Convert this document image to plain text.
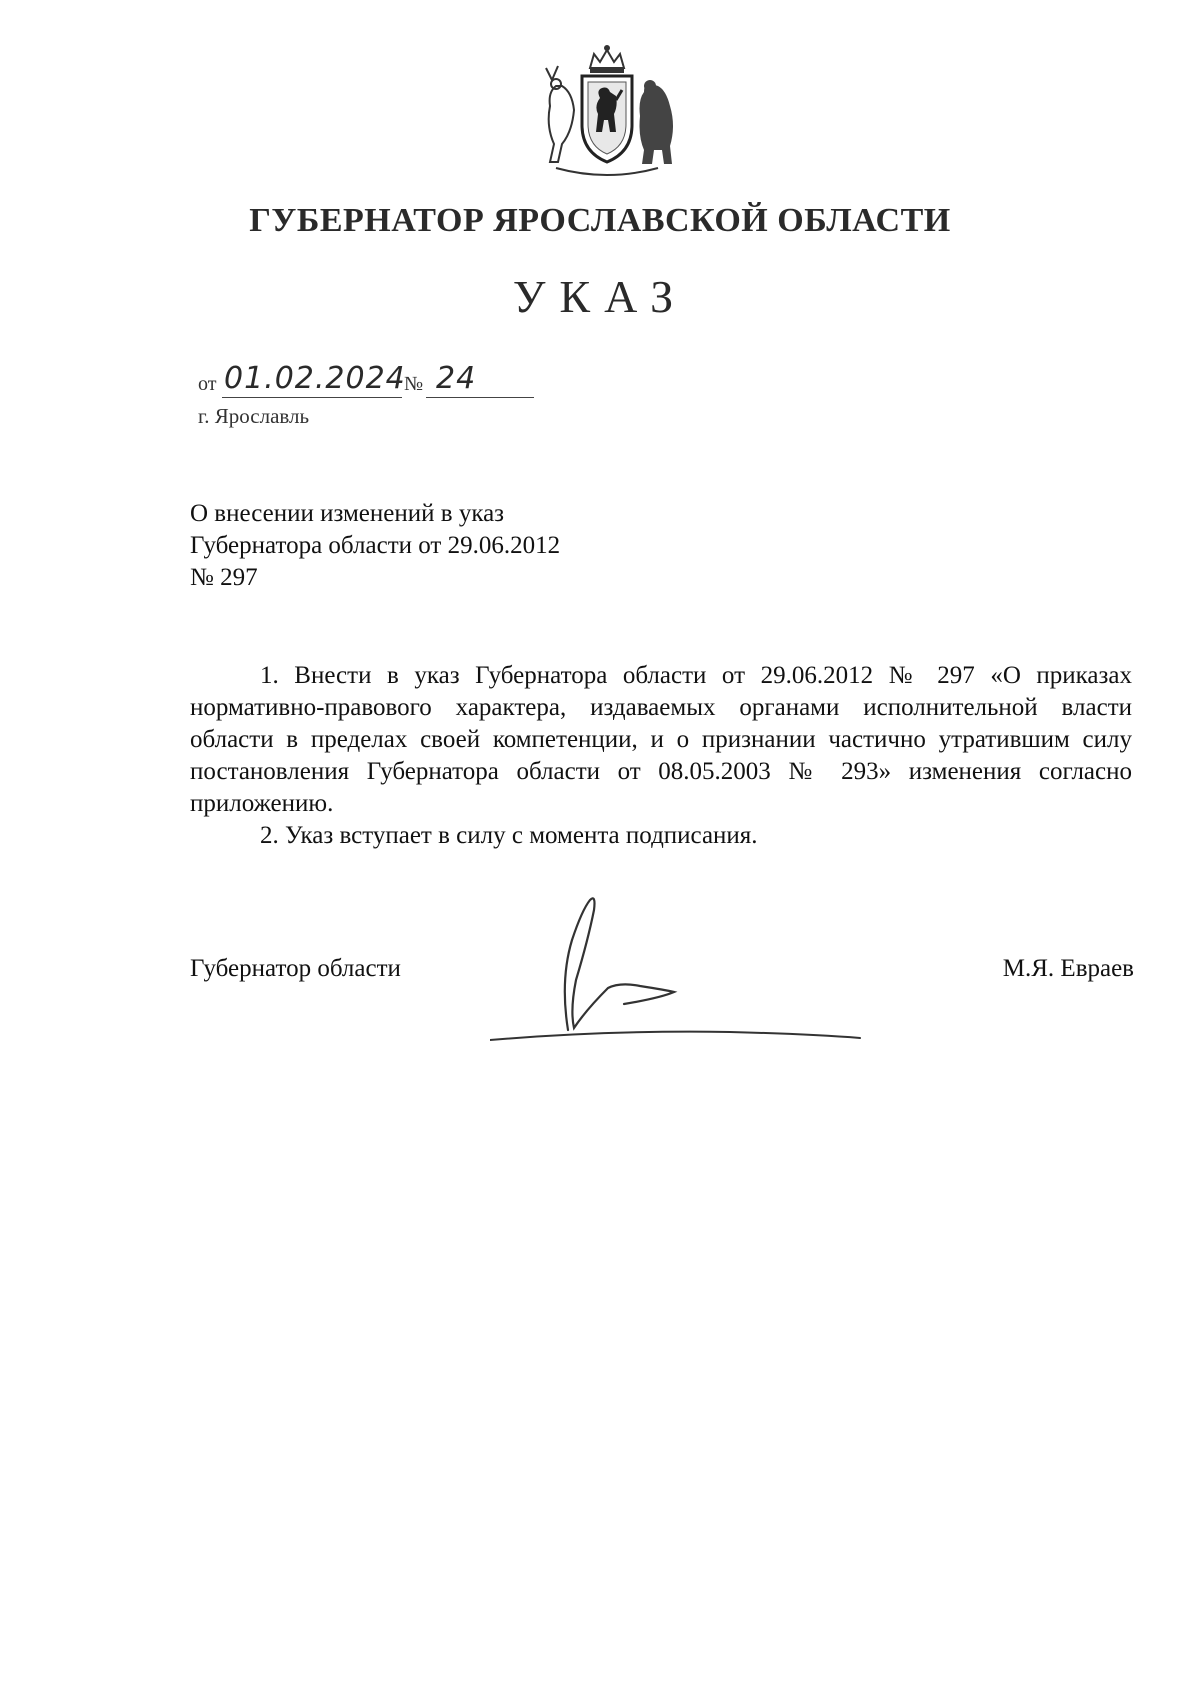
ГУБЕРНАТОР ЯРОСЛАВСКОЙ ОБЛАСТИ
УКАЗ
от 01.02.2024
№ 24
г. Ярославль
О внесении изменений в указ
Губернатора области от 29.06.2012
№ 297

1. Внести в указ Губернатора области от 29.06.2012 № 297 «О приказах нормативно-правового характера, издаваемых органами исполнительной власти области в пределах своей компетенции, и о признании частично утратившим силу постановления Губернатора области от 08.05.2003 № 293» изменения согласно приложению.

2. Указ вступает в силу с момента подписания.

Губернатор области	М.Я. Евраев
